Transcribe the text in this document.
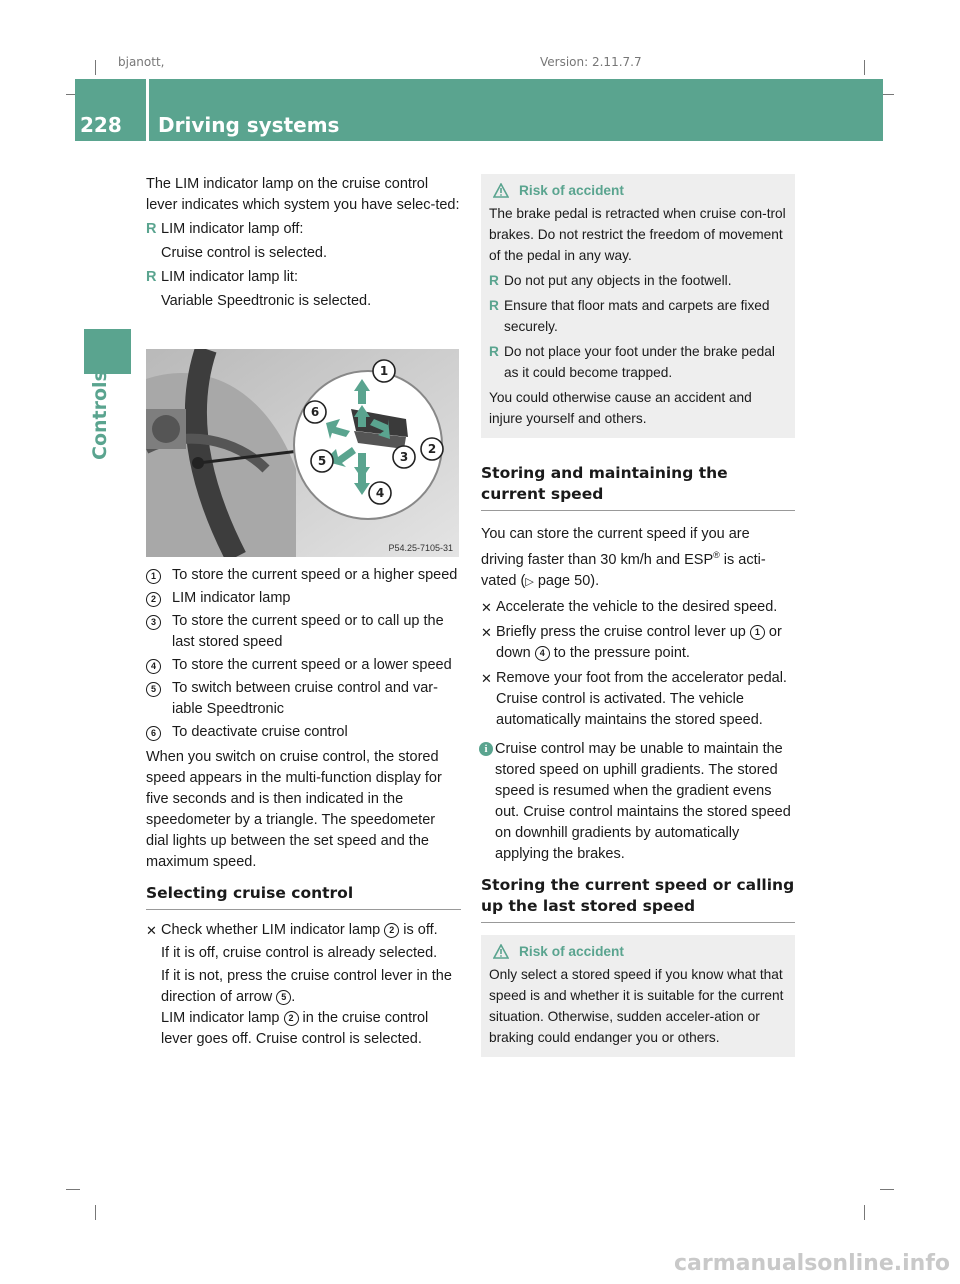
bjanott,	Version: 2.11.7.7
228 Driving systems
Controls

The LIM indicator lamp on the cruise control lever indicates which system you have selec-ted:

R LIM indicator lamp off:
Cruise control is selected.
R LIM indicator lamp lit:
Variable Speedtronic is selected.
1
2
3
4
5
6
P54.25-7105-31
1	To store the current speed or a higher speed
2	LIM indicator lamp
3	To store the current speed or to call up the last stored speed
4	To store the current speed or a lower speed
5	To switch between cruise control and var-iable Speedtronic
6	To deactivate cruise control

When you switch on cruise control, the stored speed appears in the multi-function display for five seconds and is then indicated in the speedometer by a triangle. The speedometer dial lights up between the set speed and the maximum speed.

Selecting cruise control
✕ Check whether LIM indicator lamp 2 is off.
If it is off, cruise control is already selected.
If it is not, press the cruise control lever in the direction of arrow 5 .
LIM indicator lamp 2 in the cruise control lever goes off. Cruise control is selected.
Risk of accident
The brake pedal is retracted when cruise con-trol brakes. Do not restrict the freedom of movement of the pedal in any way.
R Do not put any objects in the footwell.
R Ensure that floor mats and carpets are fixed securely.
R Do not place your foot under the brake pedal as it could become trapped.
You could otherwise cause an accident and injure yourself and others.
Storing and maintaining the current speed

You can store the current speed if you are driving faster than 30 km/h and ESP® is acti-vated (▷ page 50).

✕ Accelerate the vehicle to the desired speed.
✕ Briefly press the cruise control lever up 1 or down 4 to the pressure point.
✕ Remove your foot from the accelerator pedal.
Cruise control is activated. The vehicle automatically maintains the stored speed.
i Cruise control may be unable to maintain the stored speed on uphill gradients. The stored speed is resumed when the gradient evens out. Cruise control maintains the stored speed on downhill gradients by automatically applying the brakes.
Storing the current speed or calling up the last stored speed
Risk of accident
Only select a stored speed if you know what that speed is and whether it is suitable for the current situation. Otherwise, sudden acceler-ation or braking could endanger you or others.
carmanualsonline.info
